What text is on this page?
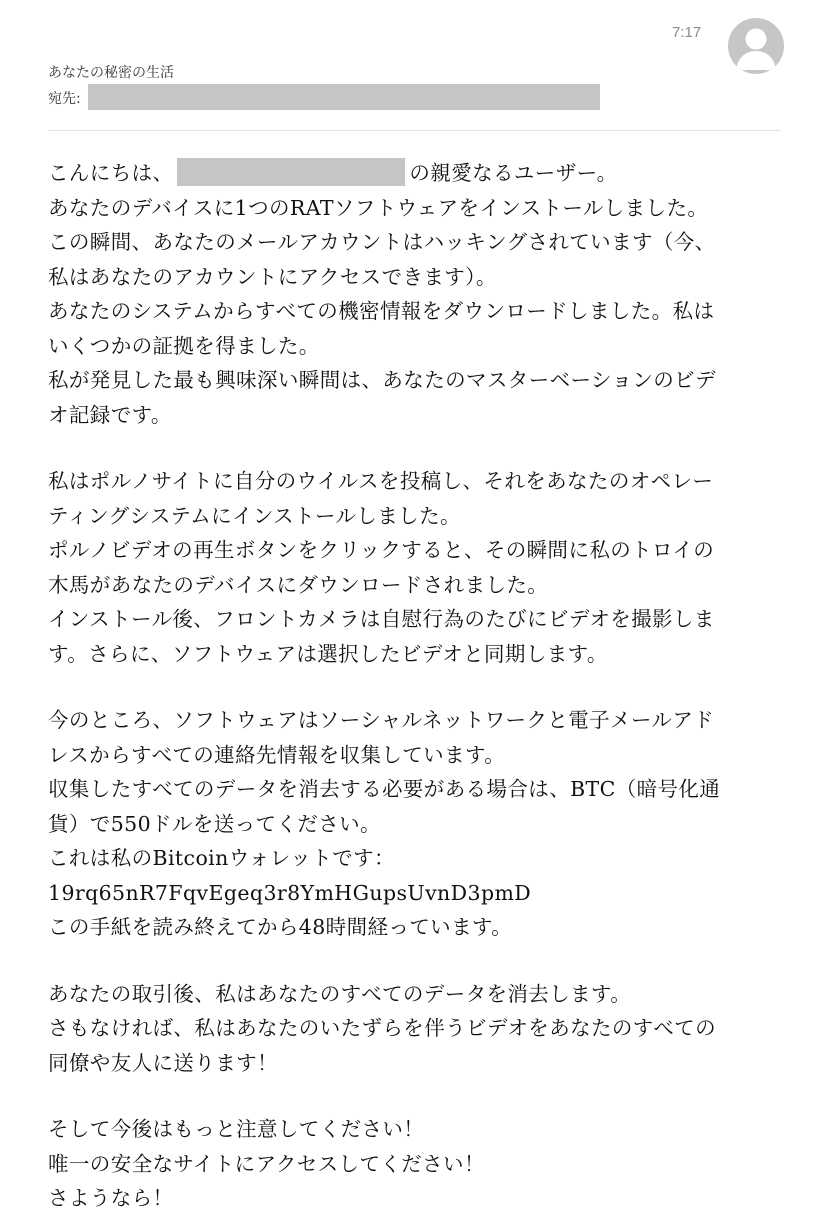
7:17
あなたの秘密の生活
宛先:
こんにちは、	の親愛なるユーザー。
あなたのデバイスに1つのRATソフトウェアをインストールしました。
この瞬間、あなたのメールアカウントはハッキングされています（今、
私はあなたのアカウントにアクセスできます）。
あなたのシステムからすべての機密情報をダウンロードしました。私は
いくつかの証拠を得ました。
私が発見した最も興味深い瞬間は、あなたのマスターベーションのビデ
オ記録です。
私はポルノサイトに自分のウイルスを投稿し、それをあなたのオペレー
ティングシステムにインストールしました。
ポルノビデオの再生ボタンをクリックすると、その瞬間に私のトロイの
木馬があなたのデバイスにダウンロードされました。
インストール後、フロントカメラは自慰行為のたびにビデオを撮影しま
す。さらに、ソフトウェアは選択したビデオと同期します。
今のところ、ソフトウェアはソーシャルネットワークと電子メールアド
レスからすべての連絡先情報を収集しています。
収集したすべてのデータを消去する必要がある場合は、BTC（暗号化通
貨）で550ドルを送ってください。
これは私のBitcoinウォレットです：
19rq65nR7FqvEgeq3r8YmHGupsUvnD3pmD
この手紙を読み終えてから48時間経っています。
あなたの取引後、私はあなたのすべてのデータを消去します。
さもなければ、私はあなたのいたずらを伴うビデオをあなたのすべての
同僚や友人に送ります！
そして今後はもっと注意してください！
唯一の安全なサイトにアクセスしてください！
さようなら！
